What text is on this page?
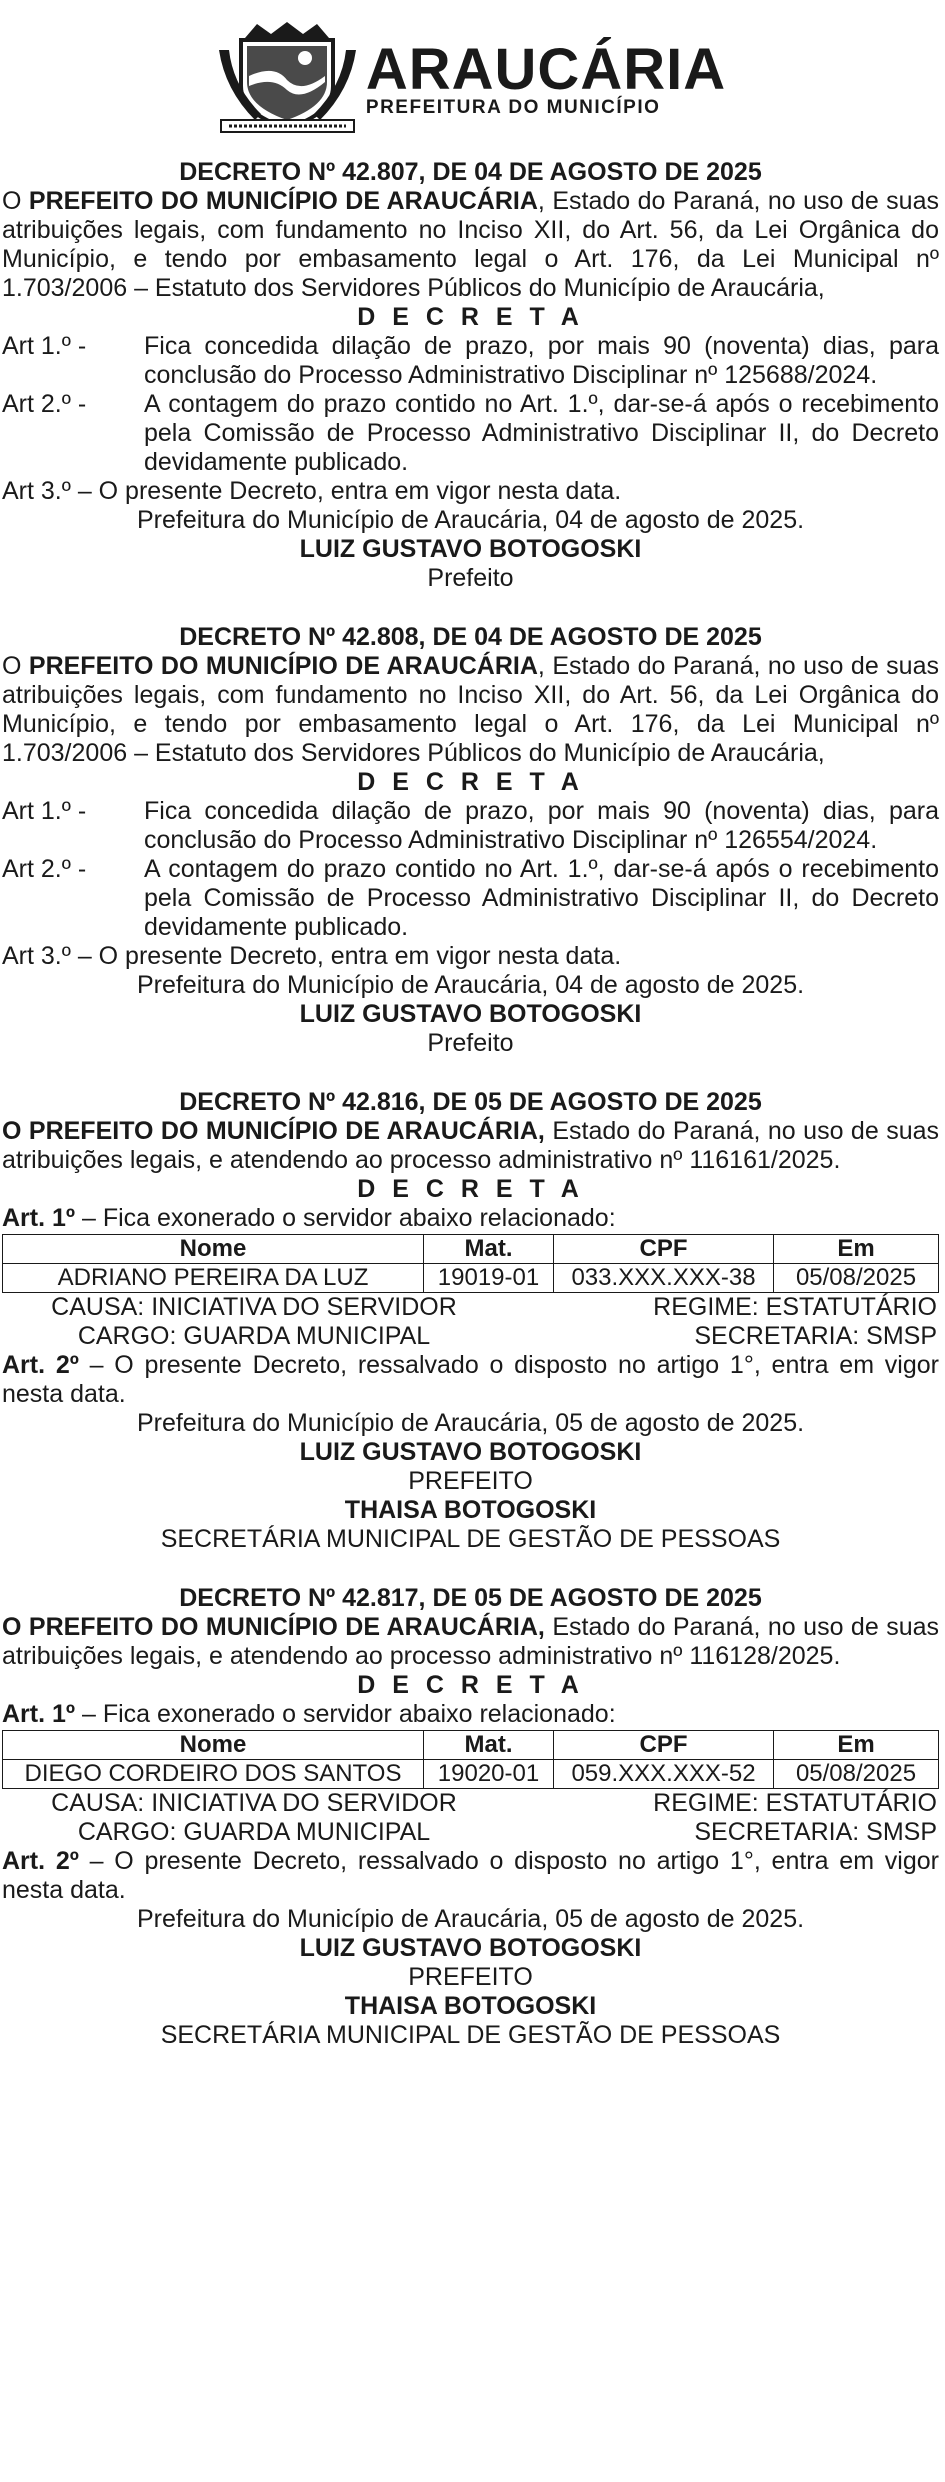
ARAUCÁRIA
PREFEITURA DO MUNICÍPIO
DECRETO Nº 42.807, DE 04 DE AGOSTO DE 2025

O PREFEITO DO MUNICÍPIO DE ARAUCÁRIA, Estado do Paraná, no uso de suas atribuições legais, com fundamento no Inciso XII, do Art. 56, da Lei Orgânica do Município, e tendo por embasamento legal o Art. 176, da Lei Municipal nº 1.703/2006 – Estatuto dos Servidores Públicos do Município de Araucária,

D E C R E T A
Art 1.º -	Fica concedida dilação de prazo, por mais 90 (noventa) dias, para conclusão do Processo Administrativo Disciplinar nº 125688/2024.
Art 2.º -	A contagem do prazo contido no Art. 1.º, dar-se-á após o recebimento pela Comissão de Processo Administrativo Disciplinar II, do Decreto devidamente publicado.

Art 3.º – O presente Decreto, entra em vigor nesta data.

Prefeitura do Município de Araucária, 04 de agosto de 2025.

LUIZ GUSTAVO BOTOGOSKI

Prefeito

DECRETO Nº 42.808, DE 04 DE AGOSTO DE 2025

O PREFEITO DO MUNICÍPIO DE ARAUCÁRIA, Estado do Paraná, no uso de suas atribuições legais, com fundamento no Inciso XII, do Art. 56, da Lei Orgânica do Município, e tendo por embasamento legal o Art. 176, da Lei Municipal nº 1.703/2006 – Estatuto dos Servidores Públicos do Município de Araucária,

D E C R E T A
Art 1.º -	Fica concedida dilação de prazo, por mais 90 (noventa) dias, para conclusão do Processo Administrativo Disciplinar nº 126554/2024.
Art 2.º -	A contagem do prazo contido no Art. 1.º, dar-se-á após o recebimento pela Comissão de Processo Administrativo Disciplinar II, do Decreto devidamente publicado.

Art 3.º – O presente Decreto, entra em vigor nesta data.

Prefeitura do Município de Araucária, 04 de agosto de 2025.

LUIZ GUSTAVO BOTOGOSKI

Prefeito

DECRETO Nº 42.816, DE 05 DE AGOSTO DE 2025

O PREFEITO DO MUNICÍPIO DE ARAUCÁRIA, Estado do Paraná, no uso de suas atribuições legais, e atendendo ao processo administrativo nº 116161/2025.

D E C R E T A

Art. 1º – Fica exonerado o servidor abaixo relacionado:

Nome	Mat.	CPF	Em
ADRIANO PEREIRA DA LUZ	19019-01	033.XXX.XXX-38	05/08/2025
CAUSA: INICIATIVA DO SERVIDOR	REGIME: ESTATUTÁRIO
CARGO: GUARDA MUNICIPAL	SECRETARIA: SMSP

Art. 2º – O presente Decreto, ressalvado o disposto no artigo 1°, entra em vigor nesta data.

Prefeitura do Município de Araucária, 05 de agosto de 2025.

LUIZ GUSTAVO BOTOGOSKI

PREFEITO

THAISA BOTOGOSKI

SECRETÁRIA MUNICIPAL DE GESTÃO DE PESSOAS

DECRETO Nº 42.817, DE 05 DE AGOSTO DE 2025

O PREFEITO DO MUNICÍPIO DE ARAUCÁRIA, Estado do Paraná, no uso de suas atribuições legais, e atendendo ao processo administrativo nº 116128/2025.

D E C R E T A

Art. 1º – Fica exonerado o servidor abaixo relacionado:

Nome	Mat.	CPF	Em
DIEGO CORDEIRO DOS SANTOS	19020-01	059.XXX.XXX-52	05/08/2025
CAUSA: INICIATIVA DO SERVIDOR	REGIME: ESTATUTÁRIO
CARGO: GUARDA MUNICIPAL	SECRETARIA: SMSP

Art. 2º – O presente Decreto, ressalvado o disposto no artigo 1°, entra em vigor nesta data.

Prefeitura do Município de Araucária, 05 de agosto de 2025.

LUIZ GUSTAVO BOTOGOSKI

PREFEITO

THAISA BOTOGOSKI

SECRETÁRIA MUNICIPAL DE GESTÃO DE PESSOAS
